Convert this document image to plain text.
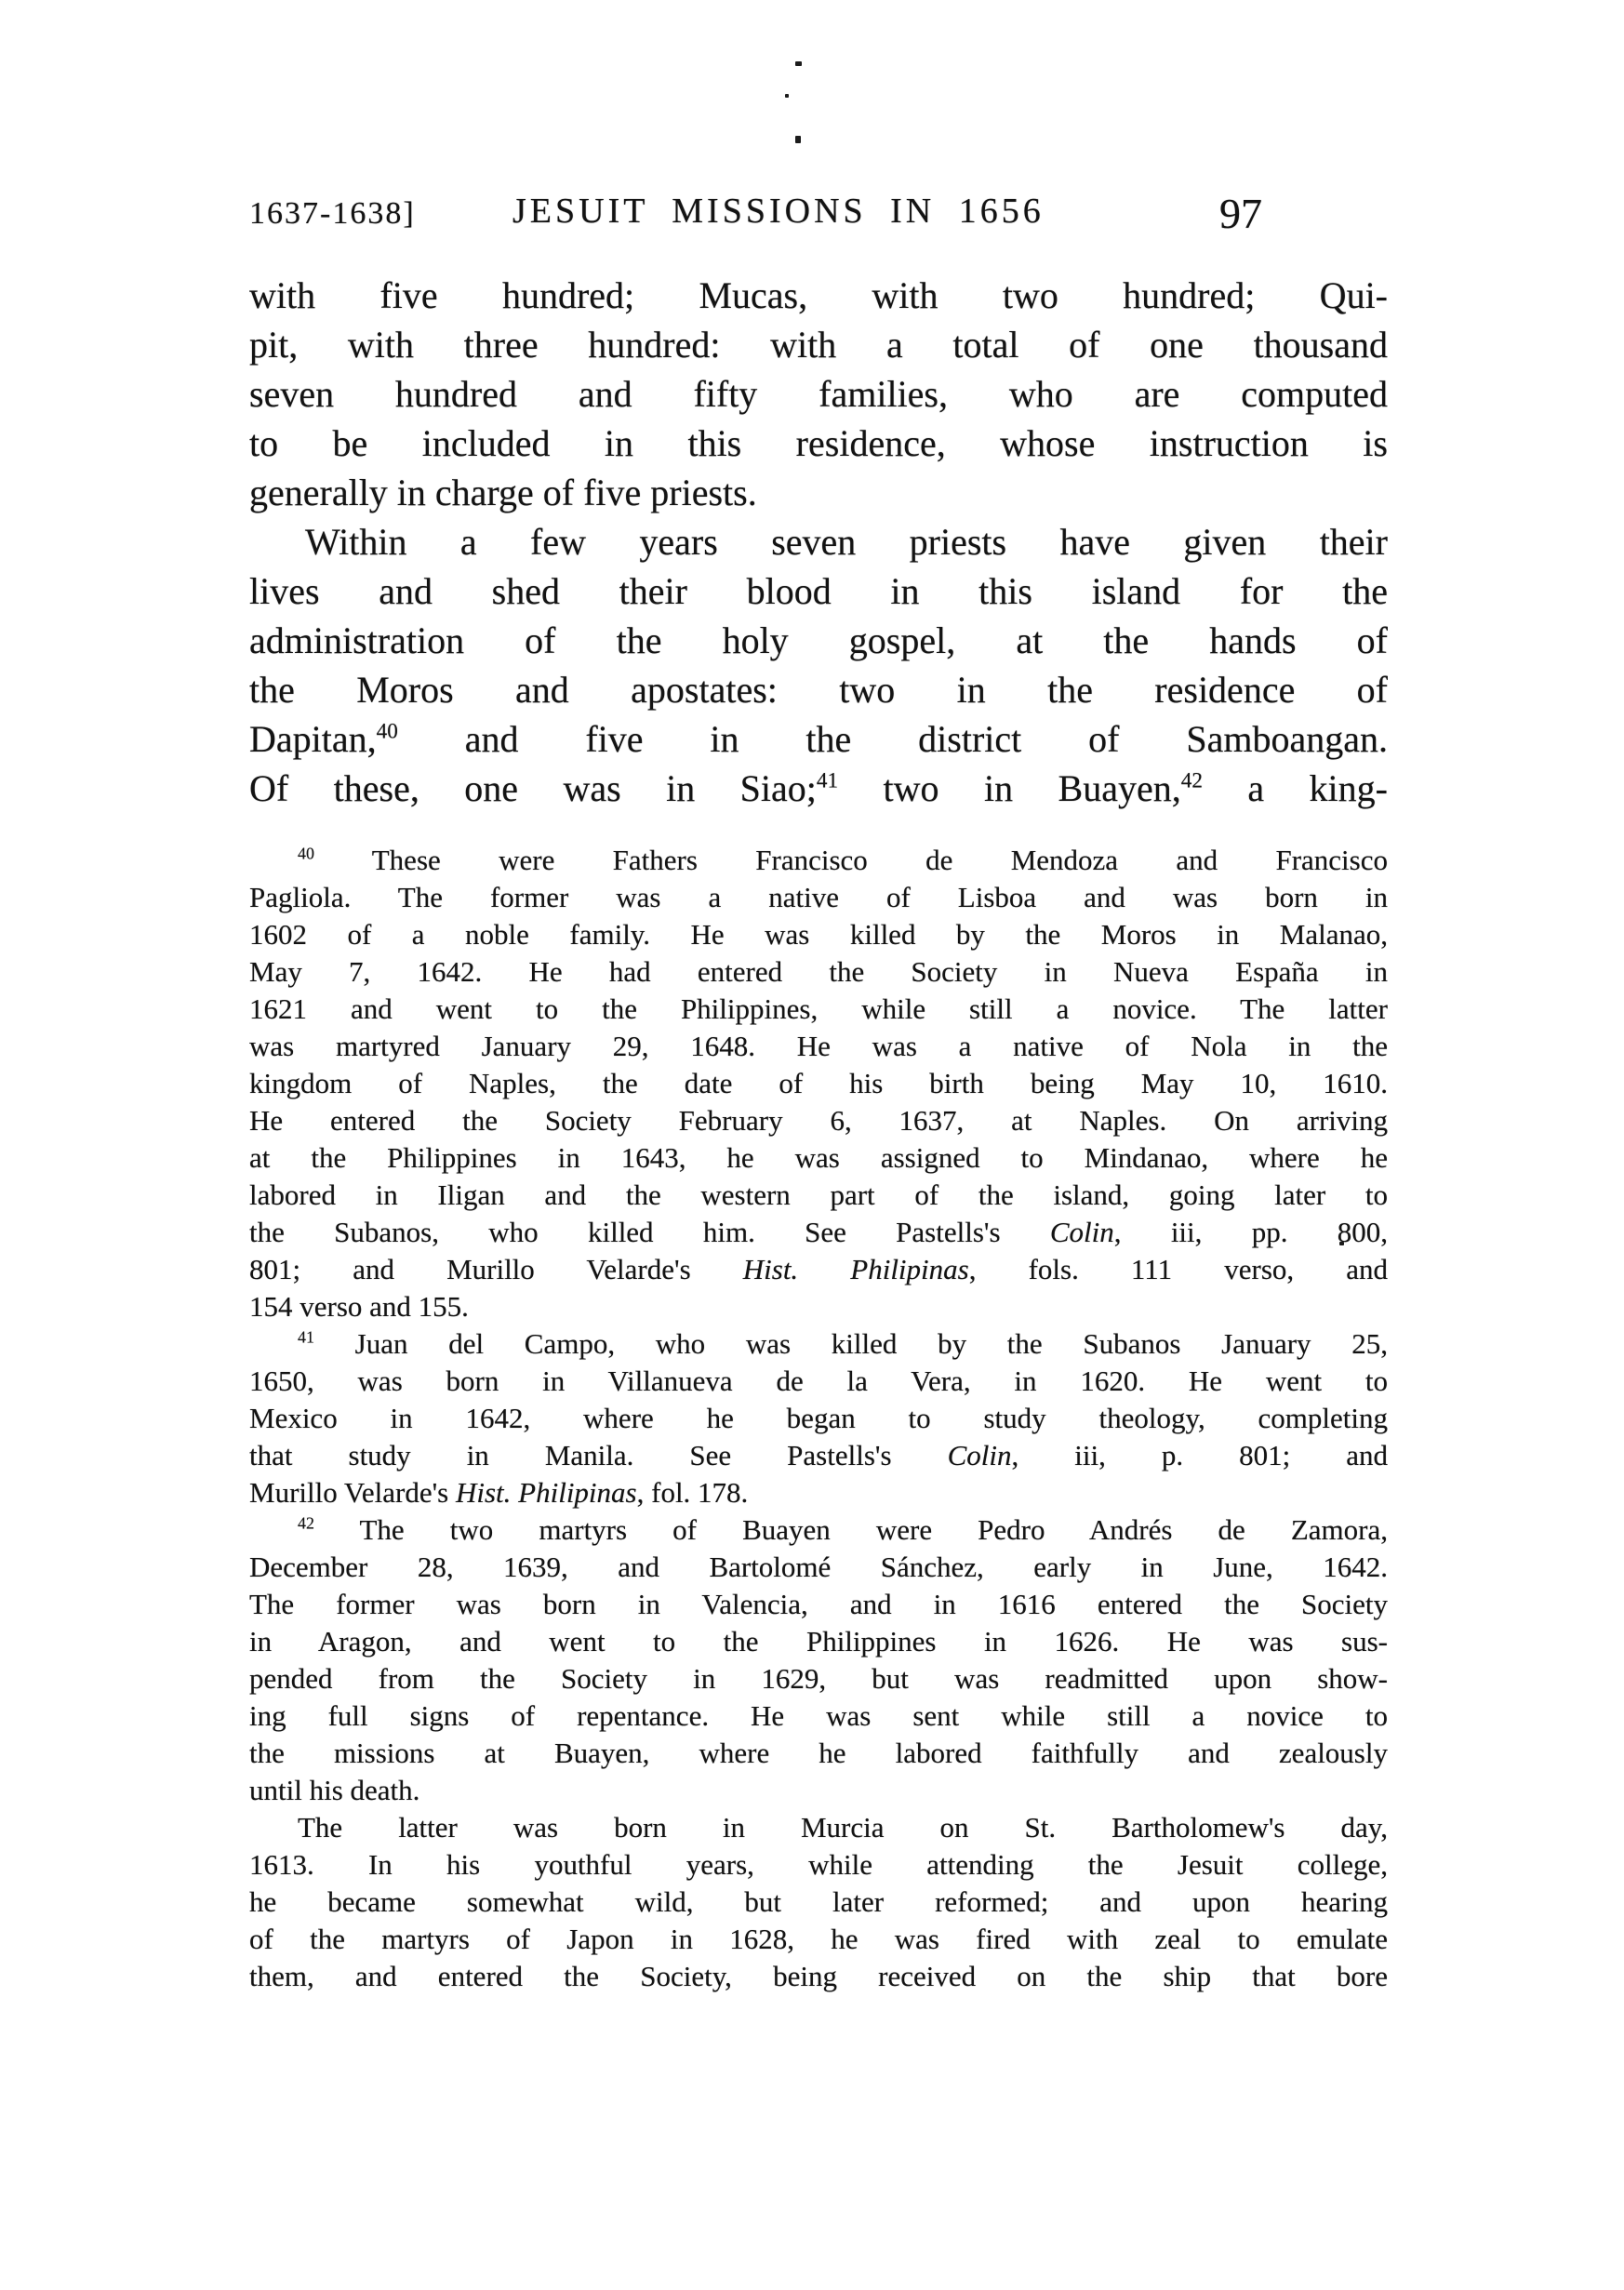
1637-1638]	JESUIT MISSIONS IN 1656	97
with five hundred; Mucas, with two hundred; Qui-
pit, with three hundred: with a total of one thousand
seven hundred and fifty families, who are computed
to be included in this residence, whose instruction is
generally in charge of five priests.
Within a few years seven priests have given their
lives and shed their blood in this island for the
administration of the holy gospel, at the hands of
the Moros and apostates: two in the residence of
Dapitan,$^{40}$ and five in the district of Samboangan.
Of these, one was in Siao;$^{41}$ two in Buayen,$^{42}$ a king-
$^{40}$ These were Fathers Francisco de Mendoza and Francisco
Pagliola. The former was a native of Lisboa and was born in
1602 of a noble family. He was killed by the Moros in Malanao,
May 7, 1642. He had entered the Society in Nueva España in
1621 and went to the Philippines, while still a novice. The latter
was martyred January 29, 1648. He was a native of Nola in the
kingdom of Naples, the date of his birth being May 10, 1610.
He entered the Society February 6, 1637, at Naples. On arriving
at the Philippines in 1643, he was assigned to Mindanao, where he
labored in Iligan and the western part of the island, going later to
the Subanos, who killed him. See Pastells's Colin, iii, pp. 800,
801; and Murillo Velarde's Hist. Philipinas, fols. 111 verso, and
154 verso and 155.
$^{41}$ Juan del Campo, who was killed by the Subanos January 25,
1650, was born in Villanueva de la Vera, in 1620. He went to
Mexico in 1642, where he began to study theology, completing
that study in Manila. See Pastells's Colin, iii, p. 801; and
Murillo Velarde's Hist. Philipinas, fol. 178.
$^{42}$ The two martyrs of Buayen were Pedro Andrés de Zamora,
December 28, 1639, and Bartolomé Sánchez, early in June, 1642.
The former was born in Valencia, and in 1616 entered the Society
in Aragon, and went to the Philippines in 1626. He was sus-
pended from the Society in 1629, but was readmitted upon show-
ing full signs of repentance. He was sent while still a novice to
the missions at Buayen, where he labored faithfully and zealously
until his death.
The latter was born in Murcia on St. Bartholomew's day,
1613. In his youthful years, while attending the Jesuit college,
he became somewhat wild, but later reformed; and upon hearing
of the martyrs of Japon in 1628, he was fired with zeal to emulate
them, and entered the Society, being received on the ship that bore
